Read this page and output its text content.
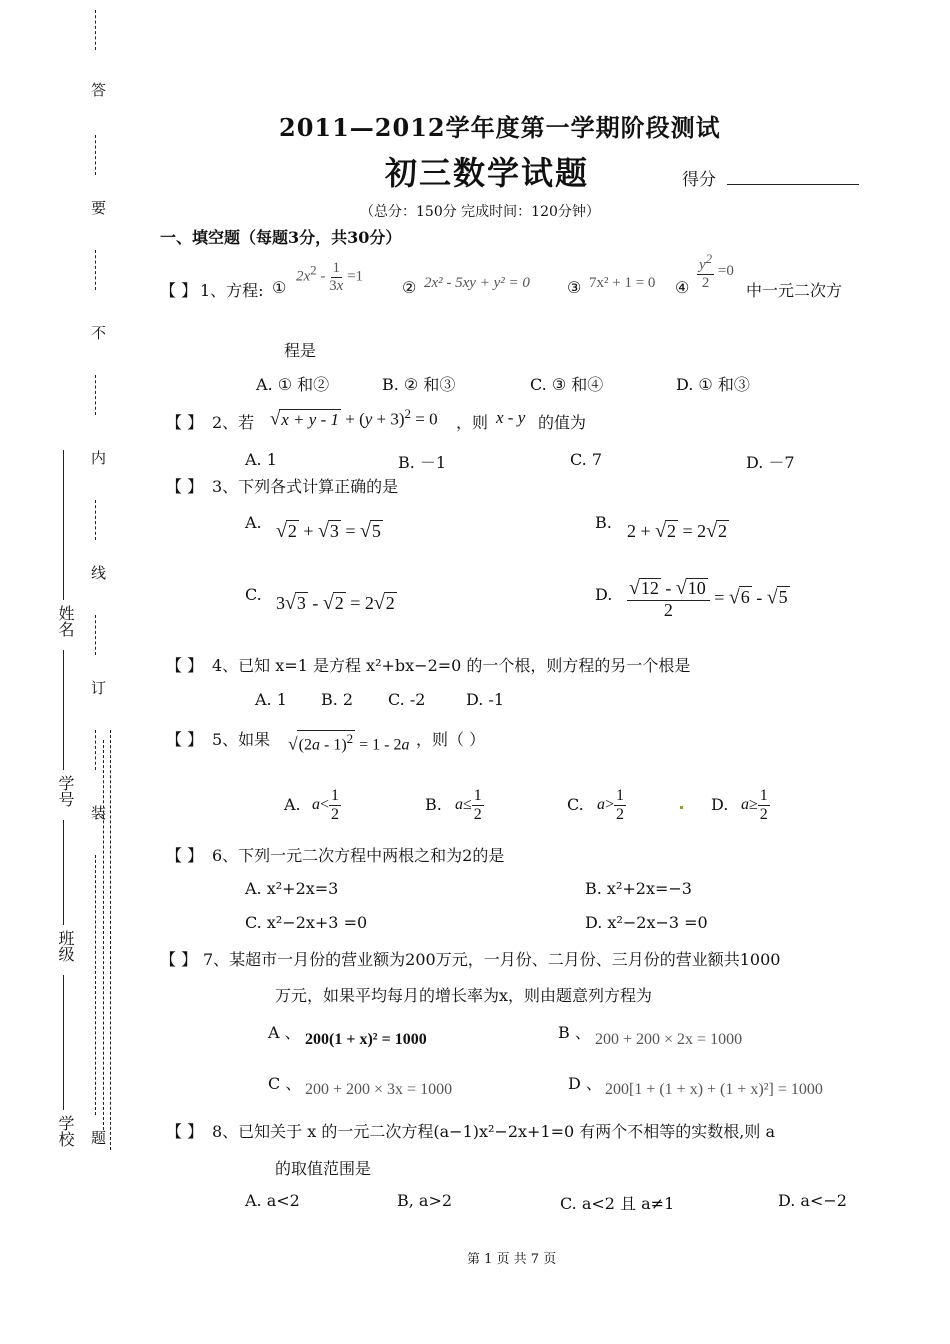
答
要
不
内
线
订
装
题
姓名
学号
班级
学校
2011—2012学年度第一学期阶段测试
初三数学试题	得分
（总分：150分 完成时间：120分钟）
一、填空题（每题3分，共30分）
【 】 1、方程: ①
$2x^2 - \frac{1}{3x} =1$
② 2x² - 5xy + y² = 0 ③ 7x² + 1 = 0 ④ $\frac{y^2}{2} =0$
中一元二次方
程是
A. ① 和②	B. ② 和③	C. ③ 和④	D. ① 和③
【 】 2、若 $√x + y - 1 + (y + 3)^2 = 0$ ，则 x - y 的值为
A. 1	B. －1	C. 7	D. －7
【 】 3、下列各式计算正确的是
A. √2 + √3 = √5	B. 2 + √2 = 2√2
C. 3√3 - √2 = 2√2	D. $\frac{√12 - √10}{2} = √6 - √5$
【 】 4、已知 x=1 是方程 x²+bx−2=0 的一个根，则方程的另一个根是
A. 1 B. 2 C. -2	D. -1
【 】 5、如果 √(2a - 1)$^2$ = 1 - 2a ，则（ ）
A. $a< \frac{1}{2}$	B. $a\le \frac{1}{2}$	C. $a> \frac{1}{2}$	D. $a\ge \frac{1}{2}$
【 】 6、下列一元二次方程中两根之和为2的是
A. x²+2x=3	B. x²+2x=−3
C. x²−2x+3 =0	D. x²−2x−3 =0
【 】 7、某超市一月份的营业额为200万元，一月份、二月份、三月份的营业额共1000
万元，如果平均每月的增长率为x，则由题意列方程为
A 、 200(1 + x)² = 1000	B 、 200 + 200 × 2x = 1000
C 、 200 + 200 × 3x = 1000	D 、 200[1 + (1 + x) + (1 + x)²] = 1000
【 】 8、已知关于 x 的一元二次方程(a−1)x²−2x+1=0 有两个不相等的实数根,则 a
的取值范围是
A. a<2	B, a>2	C. a<2 且 a≠1	D. a<−2
第 1 页 共 7 页
